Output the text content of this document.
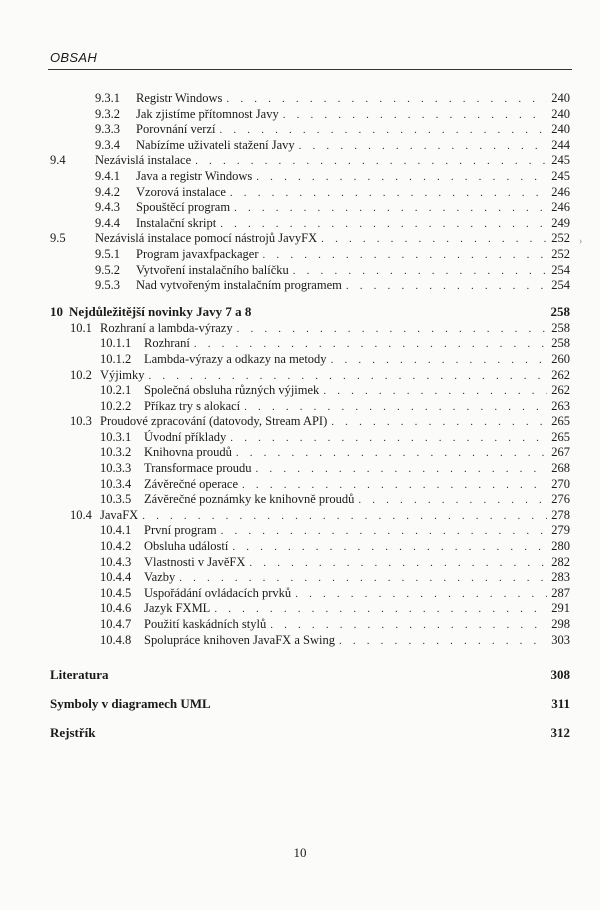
OBSAH
›
9.3.1	Registr Windows . . .	240
9.3.2	Jak zjistíme přítomnost Javy . . .	240
9.3.3	Porovnání verzí . . .	240
9.3.4	Nabízíme uživateli stažení Javy . . .	244
9.4	Nezávislá instalace . . .	245
9.4.1	Java a registr Windows . . .	245
9.4.2	Vzorová instalace . . .	246
9.4.3	Spouštěcí program . . .	246
9.4.4	Instalační skript . . .	249
9.5	Nezávislá instalace pomocí nástrojů JavyFX . . .	252
9.5.1	Program javaxfpackager . . .	252
9.5.2	Vytvoření instalačního balíčku . . .	254
9.5.3	Nad vytvořeným instalačním programem . . .	254
10 Nejdůležitější novinky Javy 7 a 8	258
10.1 Rozhraní a lambda-výrazy . . .	258
10.1.1	Rozhraní . . .	258
10.1.2	Lambda-výrazy a odkazy na metody . . .	260
10.2 Výjimky . . .	262
10.2.1	Společná obsluha různých výjimek . . .	262
10.2.2	Příkaz try s alokací . . .	263
10.3 Proudové zpracování (datovody, Stream API) . . .	265
10.3.1	Úvodní příklady . . .	265
10.3.2	Knihovna proudů . . .	267
10.3.3	Transformace proudu . . .	268
10.3.4	Závěrečné operace . . .	270
10.3.5	Závěrečné poznámky ke knihovně proudů . . .	276
10.4 JavaFX . . .	278
10.4.1	První program . . .	279
10.4.2	Obsluha událostí . . .	280
10.4.3	Vlastnosti v JavěFX . . .	282
10.4.4	Vazby . . .	283
10.4.5	Uspořádání ovládacích prvků . . .	287
10.4.6	Jazyk FXML . . .	291
10.4.7	Použití kaskádních stylů . . .	298
10.4.8	Spolupráce knihoven JavaFX a Swing . . .	303
Literatura	308
Symboly v diagramech UML	311
Rejstřík	312
10
